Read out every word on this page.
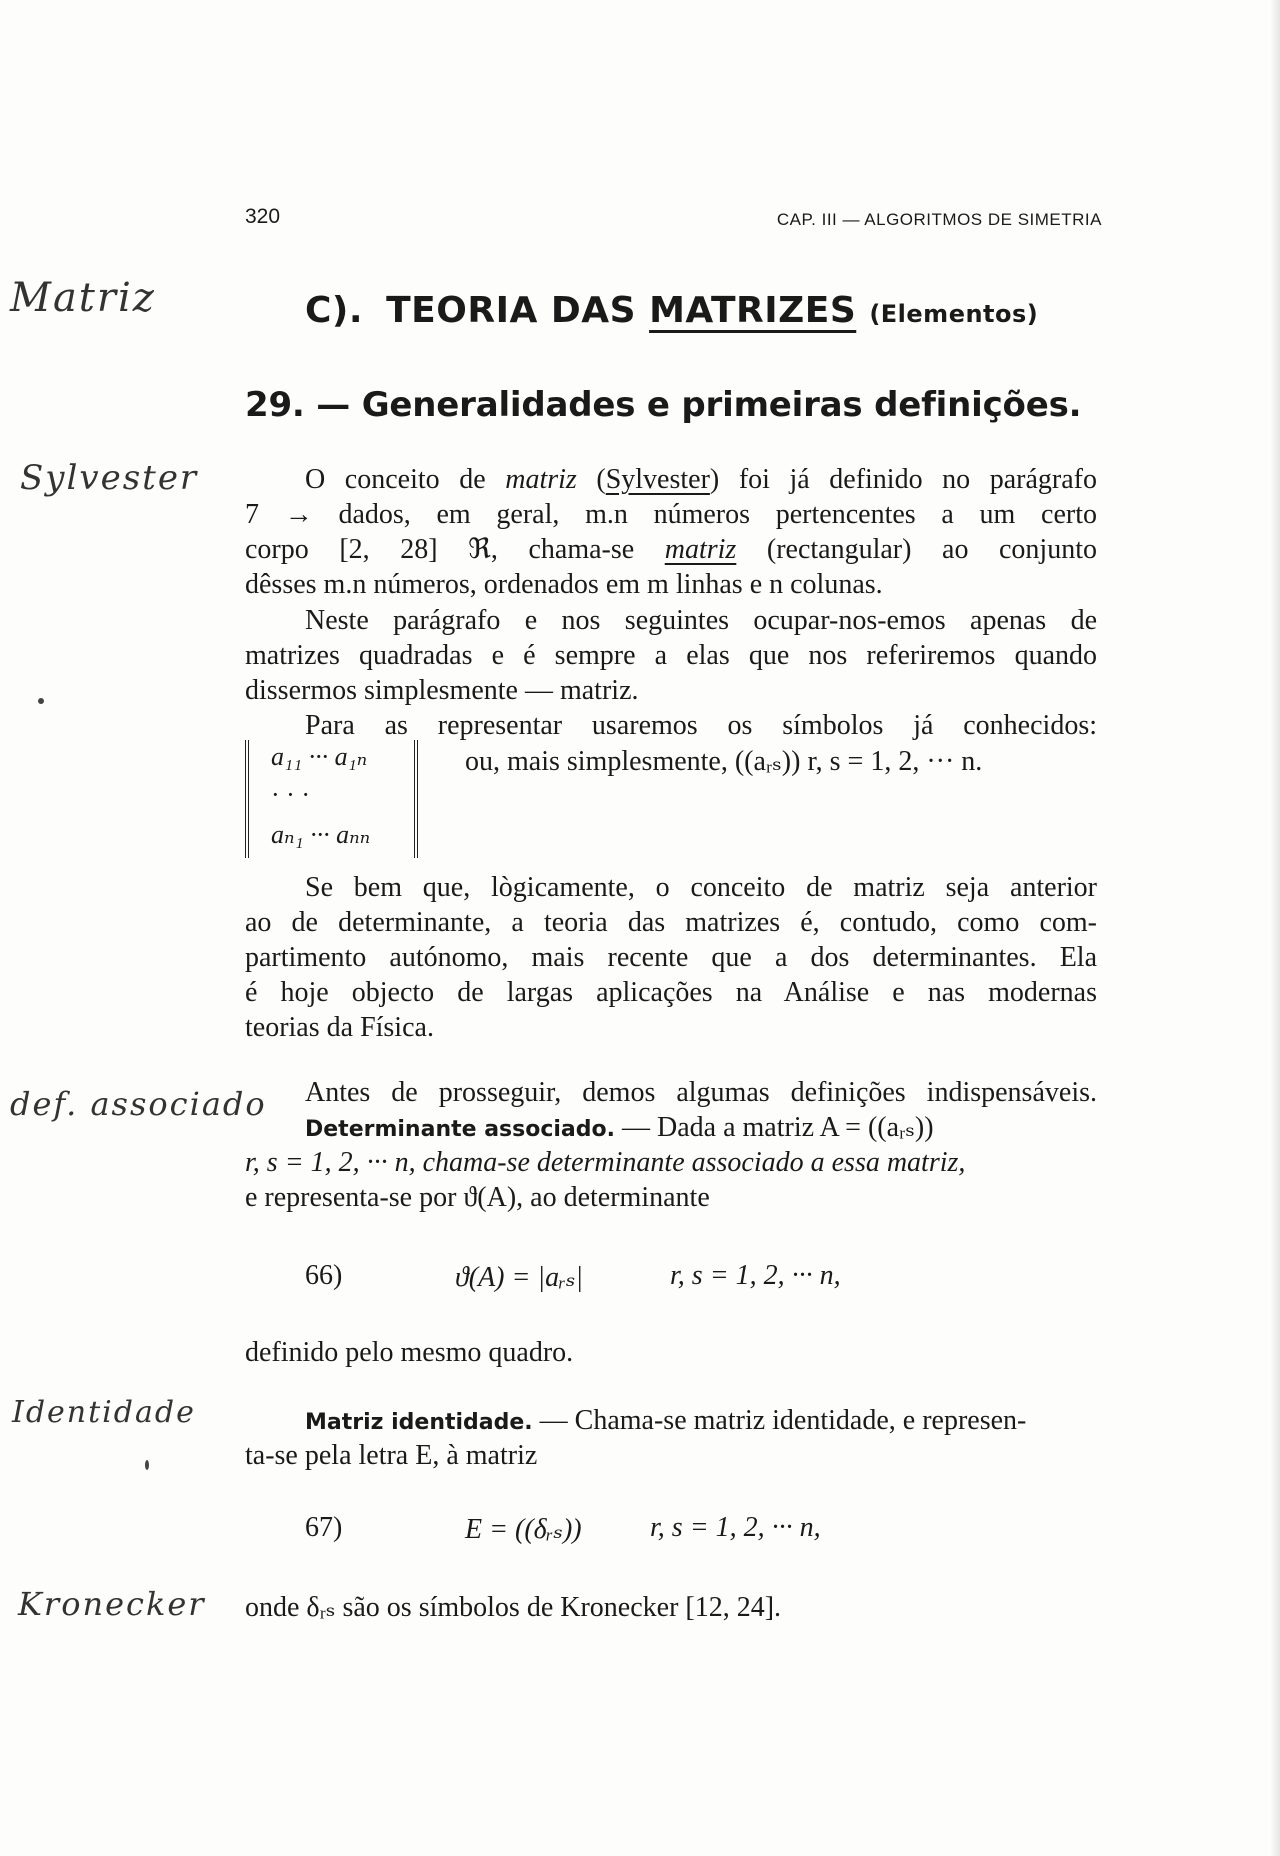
320	CAP. III — ALGORITMOS DE SIMETRIA
Matriz
Sylvester
def. associado
Identidade
Kronecker
C). TEORIA DAS MATRIZES (Elementos)
29. — Generalidades e primeiras definições.
O conceito de matriz (Sylvester) foi já definido no parágrafo
7 → dados, em geral, m.n números pertencentes a um certo
corpo [2, 28] ℜ, chama-se matriz (rectangular) ao conjunto
dêsses m.n números, ordenados em m linhas e n colunas.
Neste parágrafo e nos seguintes ocupar-nos-emos apenas de
matrizes quadradas e é sempre a elas que nos referiremos quando
dissermos simplesmente — matriz.
Para as representar usaremos os símbolos já conhecidos:
a₁₁ ··· a₁ₙ
· · ·
aₙ₁ ··· aₙₙ
ou, mais simplesmente, ((aᵣₛ)) r, s = 1, 2, ··· n.
Se bem que, lògicamente, o conceito de matriz seja anterior
ao de determinante, a teoria das matrizes é, contudo, como com-
partimento autónomo, mais recente que a dos determinantes. Ela
é hoje objecto de largas aplicações na Análise e nas modernas
teorias da Física.
Antes de prosseguir, demos algumas definições indispensáveis.
Determinante associado. — Dada a matriz A = ((aᵣₛ))
r, s = 1, 2, ··· n, chama-se determinante associado a essa matriz,
e representa-se por ϑ(A), ao determinante
66)	ϑ(A) = |aᵣₛ|	r, s = 1, 2, ··· n,
definido pelo mesmo quadro.
Matriz identidade. — Chama-se matriz identidade, e represen-
ta-se pela letra E, à matriz
67)	E = ((δᵣₛ)) r, s = 1, 2, ··· n,
onde δᵣₛ são os símbolos de Kronecker [12, 24].
